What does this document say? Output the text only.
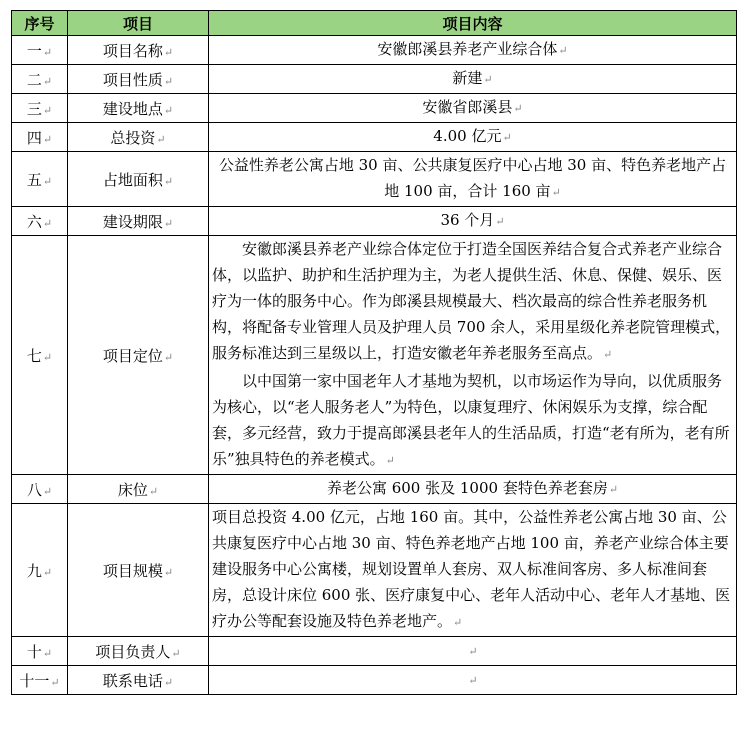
序号	项目	项目内容
一↵	项目名称↵	安徽郎溪县养老产业综合体↵
二↵	项目性质↵	新建↵
三↵	建设地点↵	安徽省郎溪县↵
四↵	总投资↵	4.00 亿元↵
五↵	占地面积↵	公益性养老公寓占地 30 亩、公共康复医疗中心占地 30 亩、特色养老地产占地 100 亩，合计 160 亩↵
六↵	建设期限↵	36 个月↵
七↵	项目定位↵	安徽郎溪县养老产业综合体定位于打造全国医养结合复合式养老产业综合体，以监护、助护和生活护理为主，为老人提供生活、休息、保健、娱乐、医疗为一体的服务中心。作为郎溪县规模最大、档次最高的综合性养老服务机构，将配备专业管理人员及护理人员 700 余人，采用星级化养老院管理模式，服务标准达到三星级以上，打造安徽老年养老服务至高点。↵

以中国第一家中国老年人才基地为契机，以市场运作为导向，以优质服务为核心，以“老人服务老人”为特色，以康复理疗、休闲娱乐为支撑，综合配套，多元经营，致力于提高郎溪县老年人的生活品质，打造“老有所为，老有所乐”独具特色的养老模式。↵

八↵	床位↵	养老公寓 600 张及 1000 套特色养老套房↵
九↵	项目规模↵	项目总投资 4.00 亿元，占地 160 亩。其中，公益性养老公寓占地 30 亩、公共康复医疗中心占地 30 亩、特色养老地产占地 100 亩，养老产业综合体主要建设服务中心公寓楼，规划设置单人套房、双人标准间客房、多人标准间套房，总设计床位 600 张、医疗康复中心、老年人活动中心、老年人才基地、医疗办公等配套设施及特色养老地产。↵

十↵	项目负责人↵	↵
十一↵	联系电话↵	↵
